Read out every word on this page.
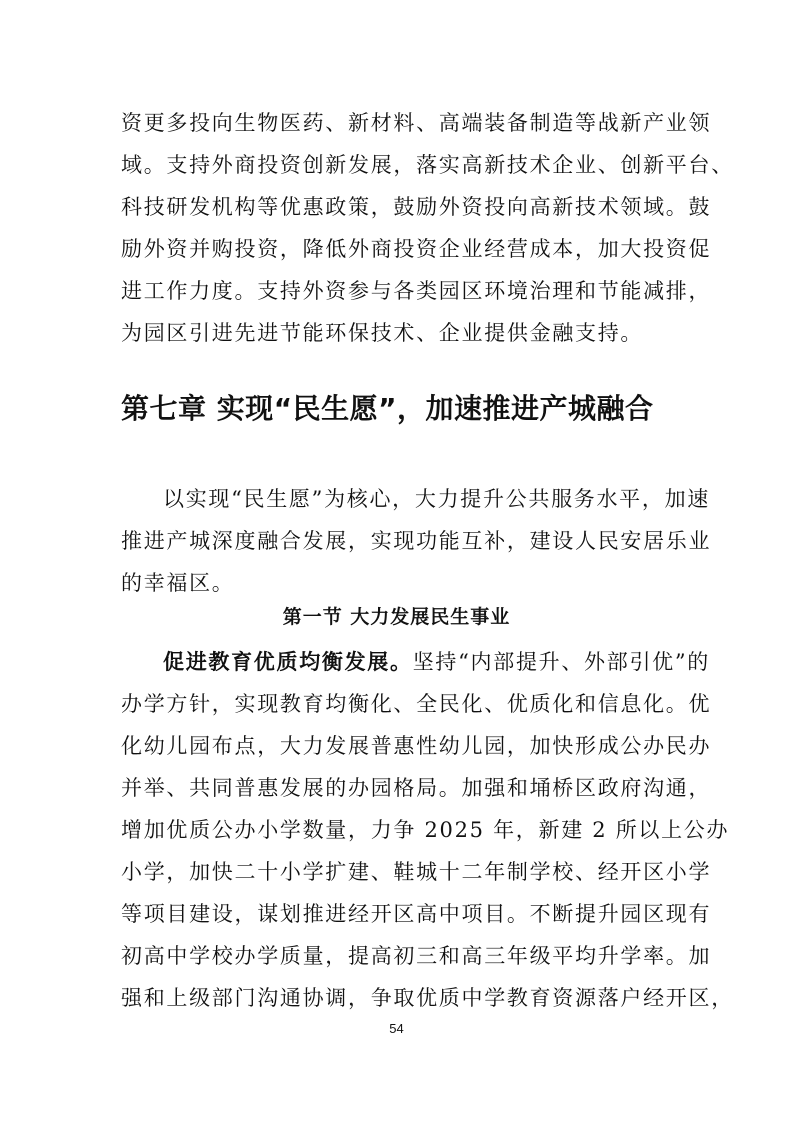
资更多投向生物医药、新材料、高端装备制造等战新产业领
域。支持外商投资创新发展，落实高新技术企业、创新平台、
科技研发机构等优惠政策，鼓励外资投向高新技术领域。鼓
励外资并购投资，降低外商投资企业经营成本，加大投资促
进工作力度。支持外资参与各类园区环境治理和节能减排，
为园区引进先进节能环保技术、企业提供金融支持。
第七章 实现“民生愿”，加速推进产城融合
以实现“民生愿”为核心，大力提升公共服务水平，加速
推进产城深度融合发展，实现功能互补，建设人民安居乐业
的幸福区。
第一节 大力发展民生事业
促进教育优质均衡发展。坚持“内部提升、外部引优”的
办学方针，实现教育均衡化、全民化、优质化和信息化。优
化幼儿园布点，大力发展普惠性幼儿园，加快形成公办民办
并举、共同普惠发展的办园格局。加强和埇桥区政府沟通，
增加优质公办小学数量，力争 2025 年，新建 2 所以上公办
小学，加快二十小学扩建、鞋城十二年制学校、经开区小学
等项目建设，谋划推进经开区高中项目。不断提升园区现有
初高中学校办学质量，提高初三和高三年级平均升学率。加
强和上级部门沟通协调，争取优质中学教育资源落户经开区，
54
